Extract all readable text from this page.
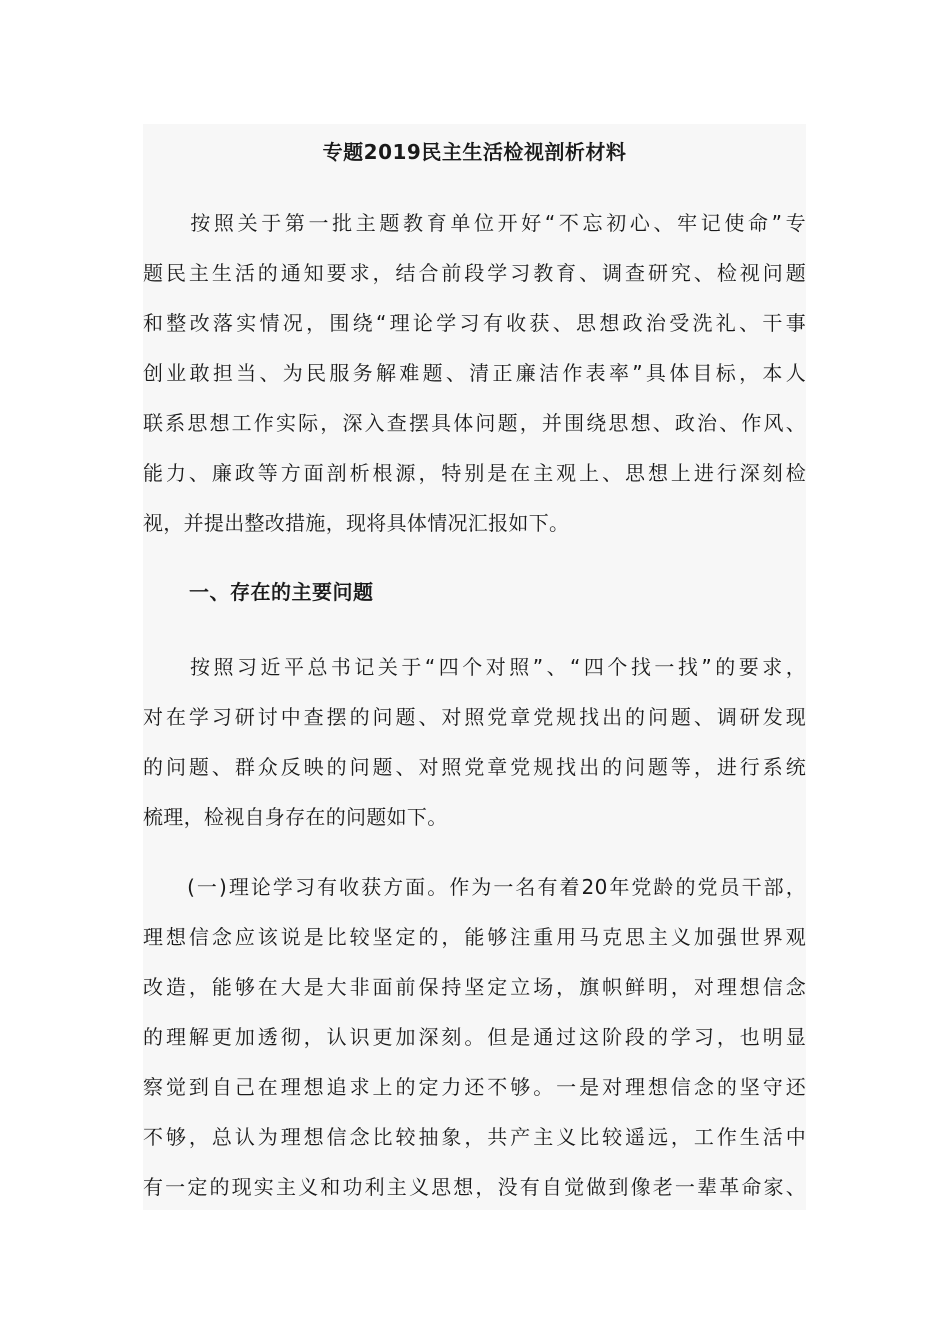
专题2019民主生活检视剖析材料
　　按照关于第一批主题教育单位开好“不忘初心、牢记使命”专
题民主生活的通知要求，结合前段学习教育、调查研究、检视问题
和整改落实情况，围绕“理论学习有收获、思想政治受洗礼、干事
创业敢担当、为民服务解难题、清正廉洁作表率”具体目标，本人
联系思想工作实际，深入查摆具体问题，并围绕思想、政治、作风、
能力、廉政等方面剖析根源，特别是在主观上、思想上进行深刻检
视，并提出整改措施，现将具体情况汇报如下。
一、存在的主要问题
　　按照习近平总书记关于“四个对照”、“四个找一找”的要求，
对在学习研讨中查摆的问题、对照党章党规找出的问题、调研发现
的问题、群众反映的问题、对照党章党规找出的问题等，进行系统
梳理，检视自身存在的问题如下。
　　(一)理论学习有收获方面。作为一名有着20年党龄的党员干部，
理想信念应该说是比较坚定的，能够注重用马克思主义加强世界观
改造，能够在大是大非面前保持坚定立场，旗帜鲜明，对理想信念
的理解更加透彻，认识更加深刻。但是通过这阶段的学习，也明显
察觉到自己在理想追求上的定力还不够。一是对理想信念的坚守还
不够，总认为理想信念比较抽象，共产主义比较遥远，工作生活中
有一定的现实主义和功利主义思想，没有自觉做到像老一辈革命家、
